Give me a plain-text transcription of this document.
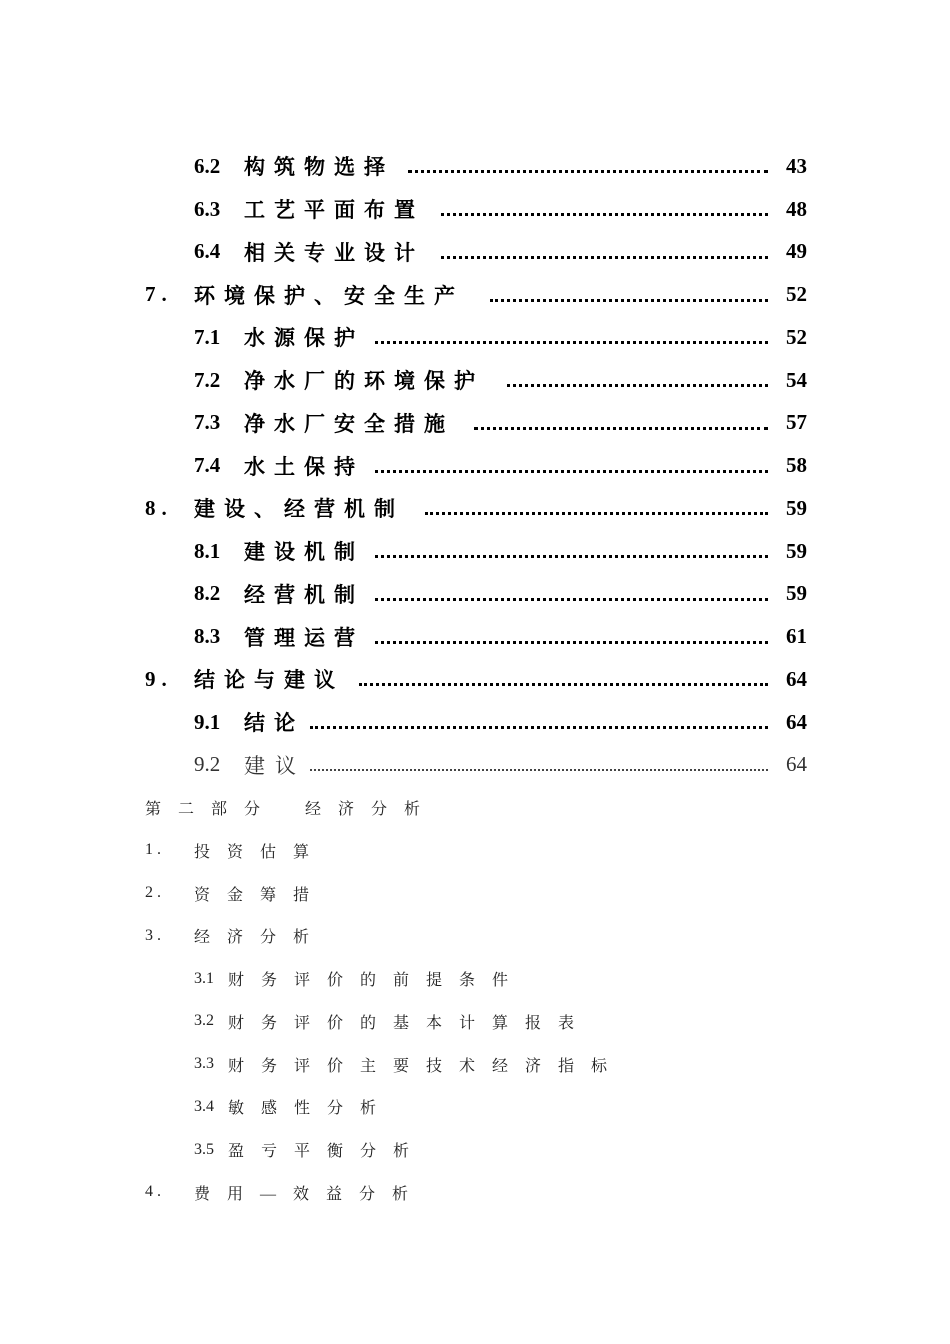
6.2 构筑物选择	43
6.3 工艺平面布置	48
6.4 相关专业设计	49
7. 环境保护、安全生产	52
7.1 水源保护	52
7.2 净水厂的环境保护	54
7.3 净水厂安全措施	57
7.4 水土保持	58
8. 建设、经营机制	59
8.1 建设机制	59
8.2 经营机制	59
8.3 管理运营	61
9. 结论与建议	64
9.1 结论	64
9.2 建议	64
第二部分 经济分析
1. 投资估算
2. 资金筹措
3. 经济分析
3.1 财务评价的前提条件
3.2 财务评价的基本计算报表
3.3 财务评价主要技术经济指标
3.4 敏感性分析
3.5 盈亏平衡分析
4. 费用—效益分析
